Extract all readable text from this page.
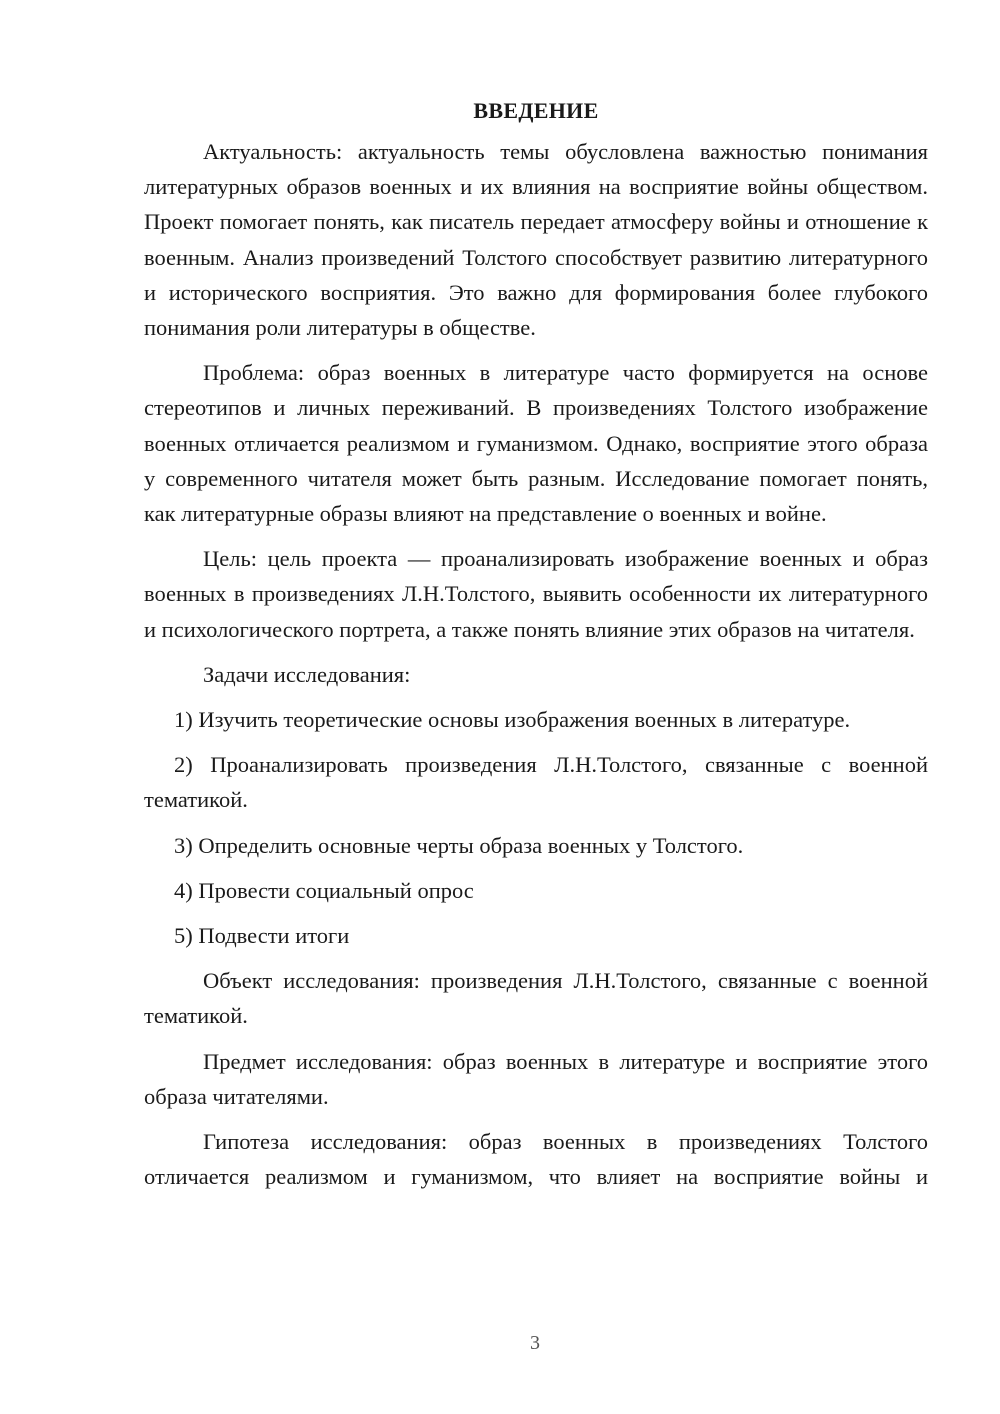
ВВЕДЕНИЕ

Актуальность: актуальность темы обусловлена важностью понимания литературных образов военных и их влияния на восприятие войны обществом. Проект помогает понять, как писатель передает атмосферу войны и отношение к военным. Анализ произведений Толстого способствует развитию литературного и исторического восприятия. Это важно для формирования более глубокого понимания роли литературы в обществе.

Проблема: образ военных в литературе часто формируется на основе стереотипов и личных переживаний. В произведениях Толстого изображение военных отличается реализмом и гуманизмом. Однако, восприятие этого образа у современного читателя может быть разным. Исследование помогает понять, как литературные образы влияют на представление о военных и войне.

Цель: цель проекта — проанализировать изображение военных и образ военных в произведениях Л.Н.Толстого, выявить особенности их литературного и психологического портрета, а также понять влияние этих образов на читателя.

Задачи исследования:

1) Изучить теоретические основы изображения военных в литературе.

2) Проанализировать произведения Л.Н.Толстого, связанные с военной тематикой.

3) Определить основные черты образа военных у Толстого.

4) Провести социальный опрос

5) Подвести итоги

Объект исследования: произведения Л.Н.Толстого, связанные с военной тематикой.

Предмет исследования: образ военных в литературе и восприятие этого образа читателями.

Гипотеза исследования: образ военных в произведениях Толстого отличается реализмом и гуманизмом, что влияет на восприятие войны и

3
